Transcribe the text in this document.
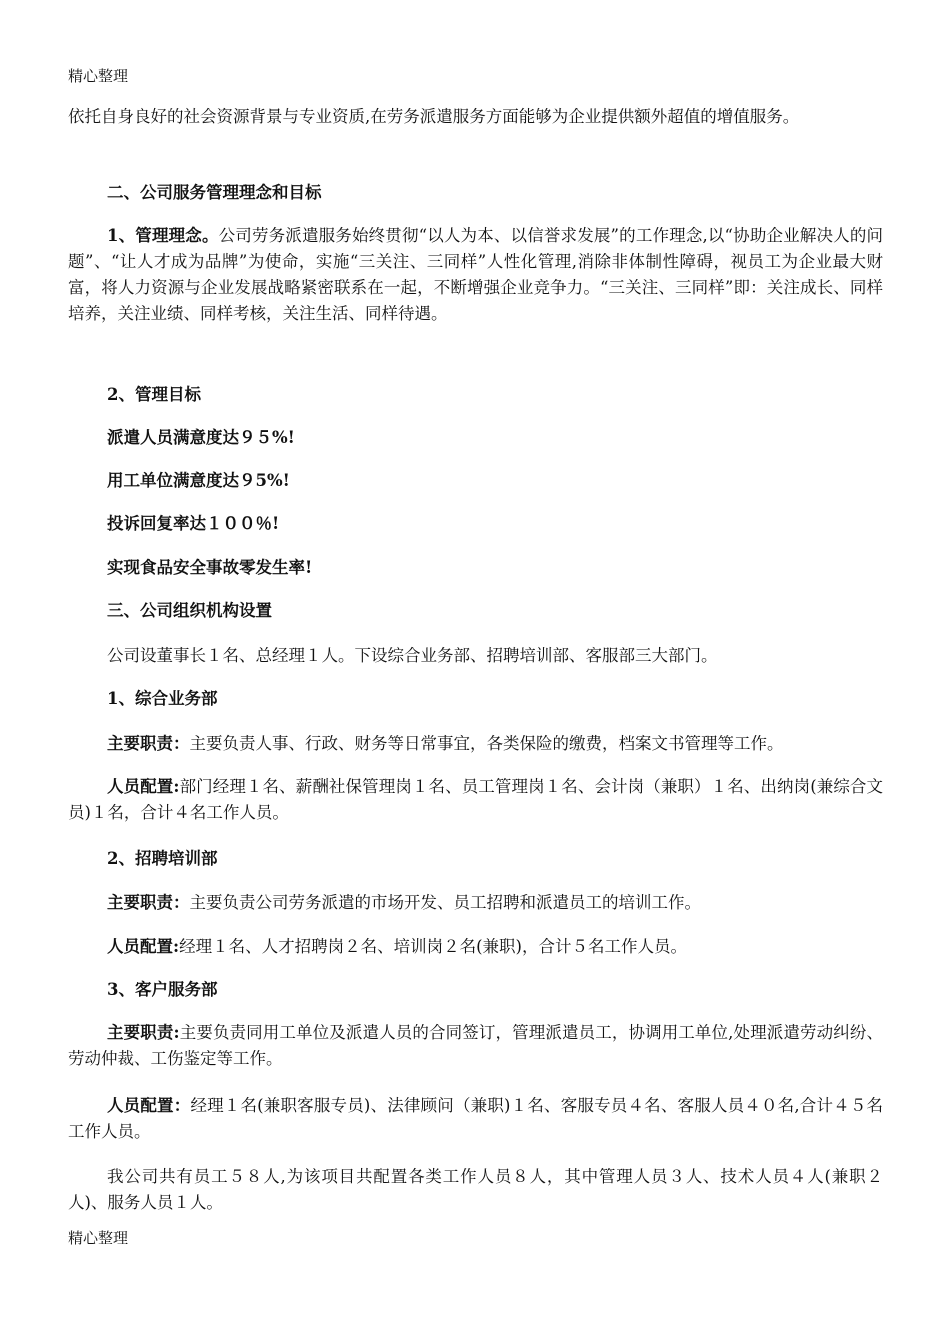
精心整理
依托自身良好的社会资源背景与专业资质,在劳务派遣服务方面能够为企业提供额外超值的增值服务。
二、公司服务管理理念和目标
1、管理理念。公司劳务派遣服务始终贯彻“以人为本、以信誉求发展”的工作理念,以“协助企业解决人的问题”、“让人才成为品牌”为使命，实施“三关注、三同样”人性化管理,消除非体制性障碍，视员工为企业最大财富，将人力资源与企业发展战略紧密联系在一起，不断增强企业竞争力。“三关注、三同样”即：关注成长、同样培养，关注业绩、同样考核，关注生活、同样待遇。
2、管理目标
派遣人员满意度达９５%!
用工单位满意度达９5%!
投诉回复率达１００％!
实现食品安全事故零发生率!
三、公司组织机构设置
公司设董事长１名、总经理１人。下设综合业务部、招聘培训部、客服部三大部门。
1、综合业务部
主要职责：主要负责人事、行政、财务等日常事宜，各类保险的缴费，档案文书管理等工作。
人员配置:部门经理１名、薪酬社保管理岗１名、员工管理岗１名、会计岗（兼职）１名、出纳岗(兼综合文员)１名，合计４名工作人员。
2、招聘培训部
主要职责：主要负责公司劳务派遣的市场开发、员工招聘和派遣员工的培训工作。
人员配置:经理１名、人才招聘岗２名、培训岗２名(兼职)，合计５名工作人员。
3、客户服务部
主要职责:主要负责同用工单位及派遣人员的合同签订，管理派遣员工，协调用工单位,处理派遣劳动纠纷、劳动仲裁、工伤鉴定等工作。
人员配置：经理１名(兼职客服专员)、法律顾问（兼职)１名、客服专员４名、客服人员４０名,合计４５名工作人员。
我公司共有员工５８人,为该项目共配置各类工作人员８人，其中管理人员３人、技术人员４人(兼职２人)、服务人员１人。
精心整理
